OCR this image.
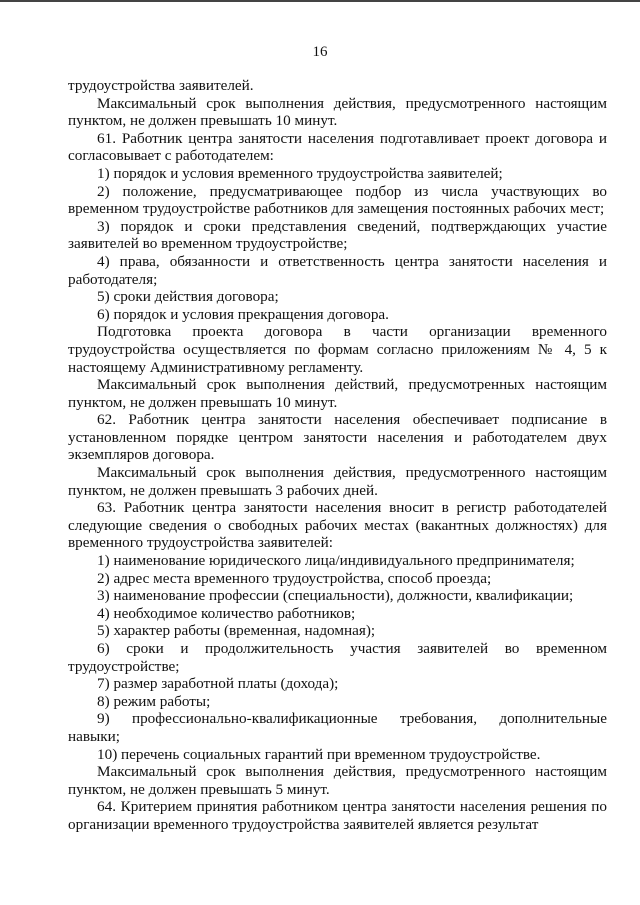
16

трудоустройства заявителей.

Максимальный срок выполнения действия, предусмотренного настоящим пунктом, не должен превышать 10 минут.

61. Работник центра занятости населения подготавливает проект договора и согласовывает с работодателем:

1) порядок и условия временного трудоустройства заявителей;

2) положение, предусматривающее подбор из числа участвующих во временном трудоустройстве работников для замещения постоянных рабочих мест;

3) порядок и сроки представления сведений, подтверждающих участие заявителей во временном трудоустройстве;

4) права, обязанности и ответственность центра занятости населения и работодателя;

5) сроки действия договора;

6) порядок и условия прекращения договора.

Подготовка проекта договора в части организации временного трудоустройства осуществляется по формам согласно приложениям № 4, 5 к настоящему Административному регламенту.

Максимальный срок выполнения действий, предусмотренных настоящим пунктом, не должен превышать 10 минут.

62. Работник центра занятости населения обеспечивает подписание в установленном порядке центром занятости населения и работодателем двух экземпляров договора.

Максимальный срок выполнения действия, предусмотренного настоящим пунктом, не должен превышать 3 рабочих дней.

63. Работник центра занятости населения вносит в регистр работодателей следующие сведения о свободных рабочих местах (вакантных должностях) для временного трудоустройства заявителей:

1) наименование юридического лица/индивидуального предпринимателя;

2) адрес места временного трудоустройства, способ проезда;

3) наименование профессии (специальности), должности, квалификации;

4) необходимое количество работников;

5) характер работы (временная, надомная);

6) сроки и продолжительность участия заявителей во временном трудоустройстве;

7) размер заработной платы (дохода);

8) режим работы;

9) профессионально-квалификационные требования, дополнительные навыки;

10) перечень социальных гарантий при временном трудоустройстве.

Максимальный срок выполнения действия, предусмотренного настоящим пунктом, не должен превышать 5 минут.

64. Критерием принятия работником центра занятости населения решения по организации временного трудоустройства заявителей является результат
